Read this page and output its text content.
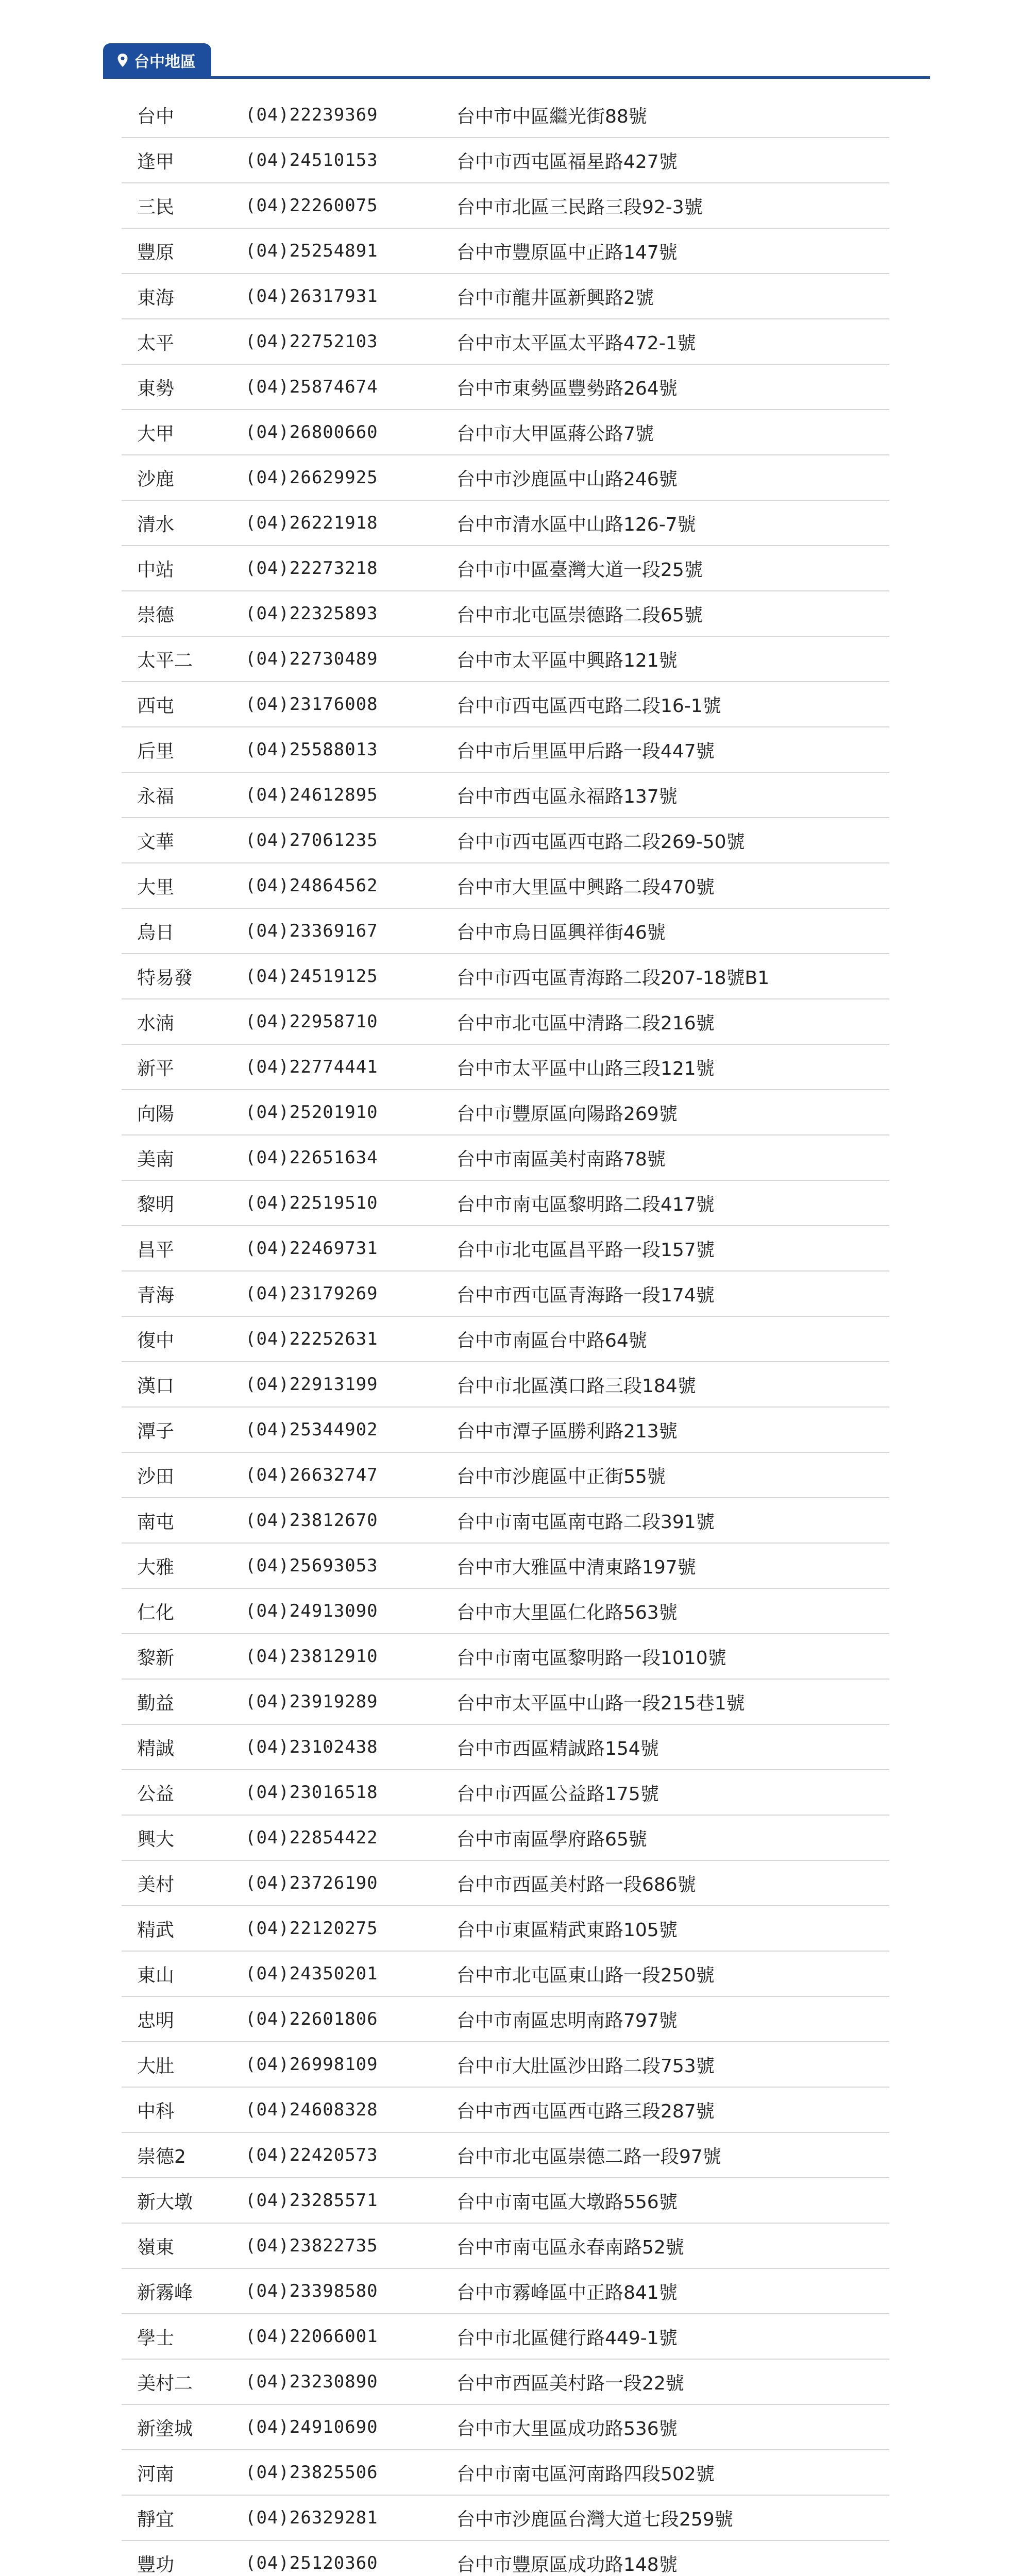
台中地區
台中	(04)22239369	台中市中區繼光街88號
逢甲	(04)24510153	台中市西屯區福星路427號
三民	(04)22260075	台中市北區三民路三段92-3號
豐原	(04)25254891	台中市豐原區中正路147號
東海	(04)26317931	台中市龍井區新興路2號
太平	(04)22752103	台中市太平區太平路472-1號
東勢	(04)25874674	台中市東勢區豐勢路264號
大甲	(04)26800660	台中市大甲區蔣公路7號
沙鹿	(04)26629925	台中市沙鹿區中山路246號
清水	(04)26221918	台中市清水區中山路126-7號
中站	(04)22273218	台中市中區臺灣大道一段25號
崇德	(04)22325893	台中市北屯區崇德路二段65號
太平二	(04)22730489	台中市太平區中興路121號
西屯	(04)23176008	台中市西屯區西屯路二段16-1號
后里	(04)25588013	台中市后里區甲后路一段447號
永福	(04)24612895	台中市西屯區永福路137號
文華	(04)27061235	台中市西屯區西屯路二段269-50號
大里	(04)24864562	台中市大里區中興路二段470號
烏日	(04)23369167	台中市烏日區興祥街46號
特易發	(04)24519125	台中市西屯區青海路二段207-18號B1
水湳	(04)22958710	台中市北屯區中清路二段216號
新平	(04)22774441	台中市太平區中山路三段121號
向陽	(04)25201910	台中市豐原區向陽路269號
美南	(04)22651634	台中市南區美村南路78號
黎明	(04)22519510	台中市南屯區黎明路二段417號
昌平	(04)22469731	台中市北屯區昌平路一段157號
青海	(04)23179269	台中市西屯區青海路一段174號
復中	(04)22252631	台中市南區台中路64號
漢口	(04)22913199	台中市北區漢口路三段184號
潭子	(04)25344902	台中市潭子區勝利路213號
沙田	(04)26632747	台中市沙鹿區中正街55號
南屯	(04)23812670	台中市南屯區南屯路二段391號
大雅	(04)25693053	台中市大雅區中清東路197號
仁化	(04)24913090	台中市大里區仁化路563號
黎新	(04)23812910	台中市南屯區黎明路一段1010號
勤益	(04)23919289	台中市太平區中山路一段215巷1號
精誠	(04)23102438	台中市西區精誠路154號
公益	(04)23016518	台中市西區公益路175號
興大	(04)22854422	台中市南區學府路65號
美村	(04)23726190	台中市西區美村路一段686號
精武	(04)22120275	台中市東區精武東路105號
東山	(04)24350201	台中市北屯區東山路一段250號
忠明	(04)22601806	台中市南區忠明南路797號
大肚	(04)26998109	台中市大肚區沙田路二段753號
中科	(04)24608328	台中市西屯區西屯路三段287號
崇德2	(04)22420573	台中市北屯區崇德二路一段97號
新大墩	(04)23285571	台中市南屯區大墩路556號
嶺東	(04)23822735	台中市南屯區永春南路52號
新霧峰	(04)23398580	台中市霧峰區中正路841號
學士	(04)22066001	台中市北區健行路449-1號
美村二	(04)23230890	台中市西區美村路一段22號
新塗城	(04)24910690	台中市大里區成功路536號
河南	(04)23825506	台中市南屯區河南路四段502號
靜宜	(04)26329281	台中市沙鹿區台灣大道七段259號
豐功	(04)25120360	台中市豐原區成功路148號
